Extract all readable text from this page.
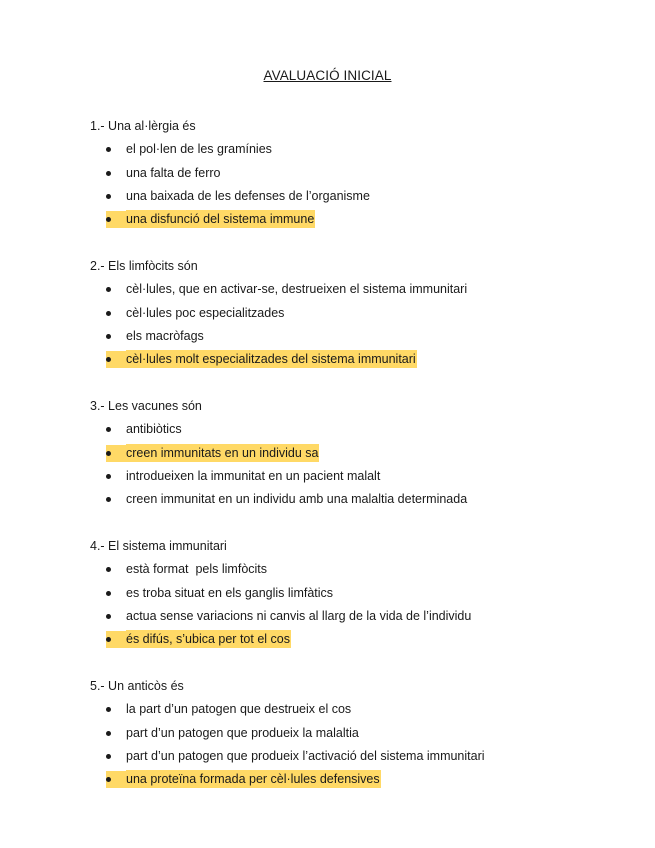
AVALUACIÓ INICIAL
1.- Una al·lèrgia és
el pol·len de les gramínies
una falta de ferro
una baixada de les defenses de l’organisme
una disfunció del sistema immune
2.- Els limfòcits són
cèl·lules, que en activar-se, destrueixen el sistema immunitari
cèl·lules poc especialitzades
els macròfags
cèl·lules molt especialitzades del sistema immunitari
3.- Les vacunes són
antibiòtics
creen immunitats en un individu sa
introdueixen la immunitat en un pacient malalt
creen immunitat en un individu amb una malaltia determinada
4.- El sistema immunitari
està format  pels limfòcits
es troba situat en els ganglis limfàtics
actua sense variacions ni canvis al llarg de la vida de l’individu
és difús, s’ubica per tot el cos
5.- Un anticòs és
la part d’un patogen que destrueix el cos
part d’un patogen que produeix la malaltia
part d’un patogen que produeix l’activació del sistema immunitari
una proteïna formada per cèl·lules defensives
